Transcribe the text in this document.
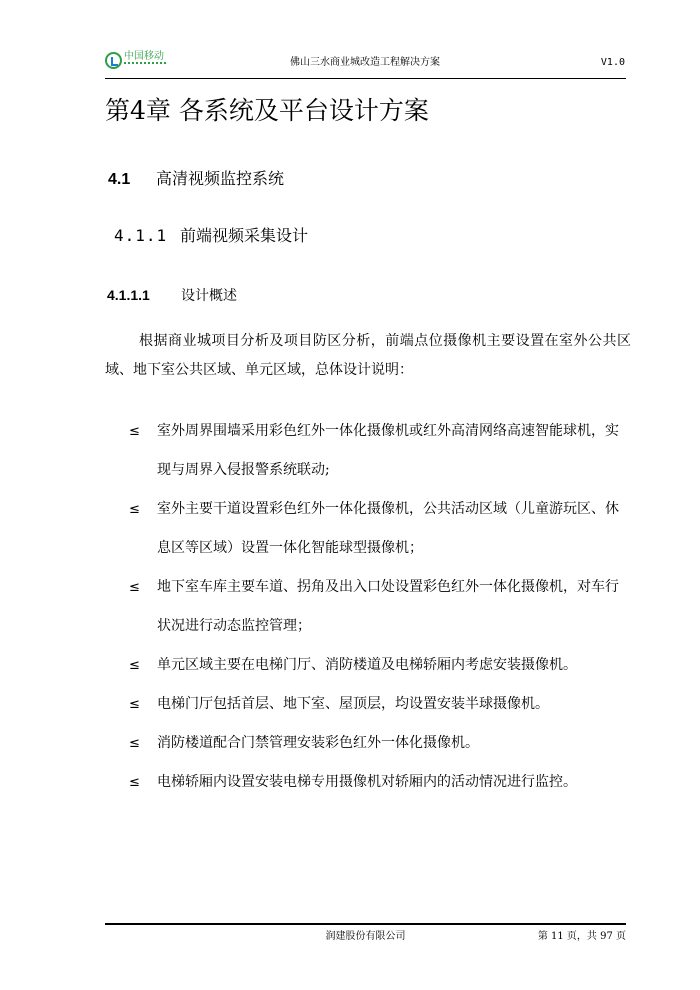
中国移动
佛山三水商业城改造工程解决方案	V1.0
第4章 各系统及平台设计方案
4.1 高清视频监控系统
4.1.1 前端视频采集设计
4.1.1.1 设计概述
根据商业城项目分析及项目防区分析，前端点位摄像机主要设置在室外公共区域、地下室公共区域、单元区域，总体设计说明：
≤ 室外周界围墙采用彩色红外一体化摄像机或红外高清网络高速智能球机，实现与周界入侵报警系统联动;
≤ 室外主要干道设置彩色红外一体化摄像机，公共活动区域（儿童游玩区、休息区等区域）设置一体化智能球型摄像机；
≤ 地下室车库主要车道、拐角及出入口处设置彩色红外一体化摄像机，对车行状况进行动态监控管理；
≤ 单元区域主要在电梯门厅、消防楼道及电梯轿厢内考虑安装摄像机。
≤ 电梯门厅包括首层、地下室、屋顶层，均设置安装半球摄像机。
≤ 消防楼道配合门禁管理安装彩色红外一体化摄像机。
≤ 电梯轿厢内设置安装电梯专用摄像机对轿厢内的活动情况进行监控。
润建股份有限公司	第 11 页，共 97 页
